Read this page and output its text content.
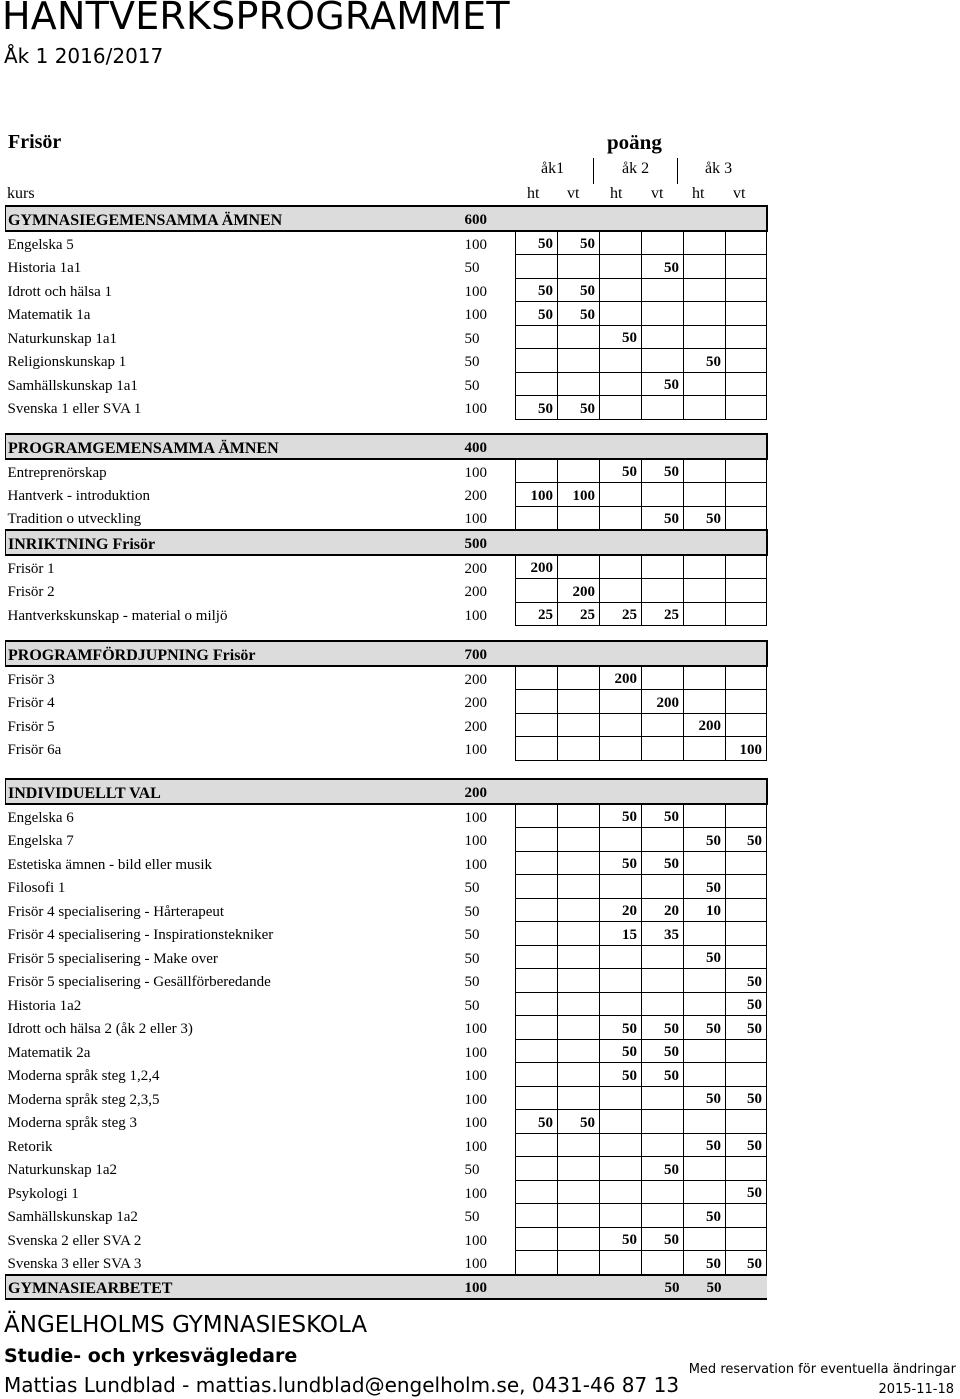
HANTVERKSPROGRAMMET
Åk 1 2016/2017
Frisör	poäng
åk1	åk 2	åk 3
kurs	ht vt ht vt ht vt
GYMNASIEGEMENSAMMA ÄMNEN	600						
Engelska 5	100	50	50				
Historia 1a1	50				50		
Idrott och hälsa 1	100	50	50				
Matematik 1a	100	50	50				
Naturkunskap 1a1	50			50			
Religionskunskap 1	50					50	
Samhällskunskap 1a1	50				50		
Svenska 1 eller SVA 1	100	50	50				
PROGRAMGEMENSAMMA ÄMNEN	400						
Entreprenörskap	100			50	50		
Hantverk - introduktion	200	100	100				
Tradition o utveckling	100				50	50	
INRIKTNING Frisör	500						
Frisör 1	200	200					
Frisör 2	200		200				
Hantverkskunskap - material o miljö	100	25	25	25	25		
PROGRAMFÖRDJUPNING Frisör	700						
Frisör 3	200			200			
Frisör 4	200				200		
Frisör 5	200					200	
Frisör 6a	100						100
INDIVIDUELLT VAL	200						
Engelska 6	100			50	50		
Engelska 7	100					50	50
Estetiska ämnen - bild eller musik	100			50	50		
Filosofi 1	50					50	
Frisör 4 specialisering - Hårterapeut	50			20	20	10	
Frisör 4 specialisering - Inspirationstekniker	50			15	35		
Frisör 5 specialisering - Make over	50					50	
Frisör 5 specialisering - Gesällförberedande	50						50
Historia 1a2	50						50
Idrott och hälsa 2 (åk 2 eller 3)	100			50	50	50	50
Matematik 2a	100			50	50		
Moderna språk steg 1,2,4	100			50	50		
Moderna språk steg 2,3,5	100					50	50
Moderna språk steg 3	100	50	50				
Retorik	100					50	50
Naturkunskap 1a2	50				50		
Psykologi 1	100						50
Samhällskunskap 1a2	50					50	
Svenska 2 eller SVA 2	100			50	50		
Svenska 3 eller SVA 3	100					50	50
GYMNASIEARBETET	100				50	50	
ÄNGELHOLMS GYMNASIESKOLA
Studie- och yrkesvägledare
Mattias Lundblad - mattias.lundblad@engelholm.se, 0431-46 87 13
Med reservation för eventuella ändringar
2015-11-18
